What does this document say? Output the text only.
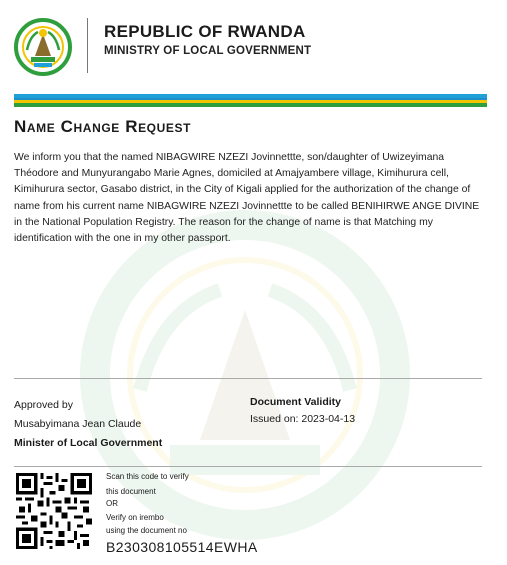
REPUBLIC OF RWANDA
MINISTRY OF LOCAL GOVERNMENT
Name Change Request
We inform you that the named NIBAGWIRE NZEZI Jovinnettte, son/daughter of Uwizeyimana Théodore and Munyurangabo Marie Agnes, domiciled at Amajyambere village, Kimihurura cell, Kimihurura sector, Gasabo district, in the City of Kigali applied for the authorization of the change of name from his current name NIBAGWIRE NZEZI Jovinnettte to be called BENIHIRWE ANGE DIVINE in the National Population Registry. The reason for the change of name is that Matching my identification with the one in my other passport.
Approved by
Musabyimana Jean Claude
Minister of Local Government
Document Validity
Issued on: 2023-04-13
Scan this code to verify
this document
OR
Verify on irembo
using the document no
B230308105514EWHA
